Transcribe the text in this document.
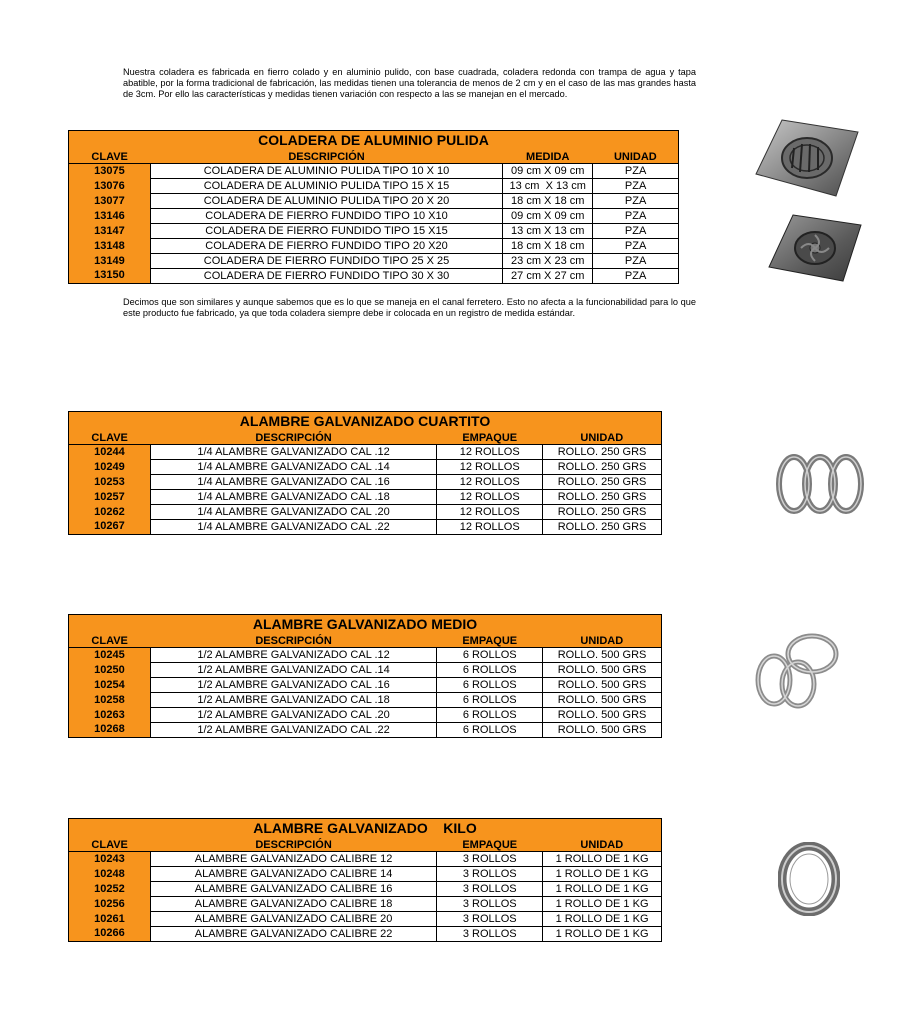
Nuestra coladera es fabricada en fierro colado y en aluminio pulido, con base cuadrada, coladera redonda con trampa de agua y tapa abatible, por la forma tradicional de fabricación, las medidas tienen una tolerancia de menos de 2 cm y en el caso de las mas grandes hasta de 3cm. Por ello las características y medidas tienen variación con respecto a las se manejan en el mercado.

COLADERA DE ALUMINIO PULIDA			
CLAVE	DESCRIPCIÓN	MEDIDA	UNIDAD
13075	COLADERA DE ALUMINIO PULIDA TIPO 10 X 10	09 cm X 09 cm	PZA
13076	COLADERA DE ALUMINIO PULIDA TIPO 15 X 15	13 cm  X 13 cm	PZA
13077	COLADERA DE ALUMINIO PULIDA TIPO 20 X 20	18 cm X 18 cm	PZA
13146	COLADERA DE FIERRO FUNDIDO TIPO 10 X10	09 cm X 09 cm	PZA
13147	COLADERA DE FIERRO FUNDIDO TIPO 15 X15	13 cm X 13 cm	PZA
13148	COLADERA DE FIERRO FUNDIDO TIPO 20 X20	18 cm X 18 cm	PZA
13149	COLADERA DE FIERRO FUNDIDO TIPO 25 X 25	23 cm X 23 cm	PZA
13150	COLADERA DE FIERRO FUNDIDO TIPO 30 X 30	27 cm X 27 cm	PZA

Decimos que son similares y aunque sabemos que es lo que se maneja en el canal ferretero. Esto no afecta a la funcionabilidad para lo que este producto fue fabricado, ya que toda coladera siempre debe ir colocada en un registro de medida estándar.

ALAMBRE GALVANIZADO CUARTITO			
CLAVE	DESCRIPCIÓN	EMPAQUE	UNIDAD
10244	1/4 ALAMBRE GALVANIZADO CAL .12	12 ROLLOS	ROLLO. 250 GRS
10249	1/4 ALAMBRE GALVANIZADO CAL .14	12 ROLLOS	ROLLO. 250 GRS
10253	1/4 ALAMBRE GALVANIZADO CAL .16	12 ROLLOS	ROLLO. 250 GRS
10257	1/4 ALAMBRE GALVANIZADO CAL .18	12 ROLLOS	ROLLO. 250 GRS
10262	1/4 ALAMBRE GALVANIZADO CAL .20	12 ROLLOS	ROLLO. 250 GRS
10267	1/4 ALAMBRE GALVANIZADO CAL .22	12 ROLLOS	ROLLO. 250 GRS
ALAMBRE GALVANIZADO MEDIO			
CLAVE	DESCRIPCIÓN	EMPAQUE	UNIDAD
10245	1/2 ALAMBRE GALVANIZADO CAL .12	6 ROLLOS	ROLLO. 500 GRS
10250	1/2 ALAMBRE GALVANIZADO CAL .14	6 ROLLOS	ROLLO. 500 GRS
10254	1/2 ALAMBRE GALVANIZADO CAL .16	6 ROLLOS	ROLLO. 500 GRS
10258	1/2 ALAMBRE GALVANIZADO CAL .18	6 ROLLOS	ROLLO. 500 GRS
10263	1/2 ALAMBRE GALVANIZADO CAL .20	6 ROLLOS	ROLLO. 500 GRS
10268	1/2 ALAMBRE GALVANIZADO CAL .22	6 ROLLOS	ROLLO. 500 GRS
ALAMBRE GALVANIZADO    KILO			
CLAVE	DESCRIPCIÓN	EMPAQUE	UNIDAD
10243	ALAMBRE GALVANIZADO CALIBRE 12	3 ROLLOS	1 ROLLO DE 1 KG
10248	ALAMBRE GALVANIZADO CALIBRE 14	3 ROLLOS	1 ROLLO DE 1 KG
10252	ALAMBRE GALVANIZADO CALIBRE 16	3 ROLLOS	1 ROLLO DE 1 KG
10256	ALAMBRE GALVANIZADO CALIBRE 18	3 ROLLOS	1 ROLLO DE 1 KG
10261	ALAMBRE GALVANIZADO CALIBRE 20	3 ROLLOS	1 ROLLO DE 1 KG
10266	ALAMBRE GALVANIZADO CALIBRE 22	3 ROLLOS	1 ROLLO DE 1 KG
